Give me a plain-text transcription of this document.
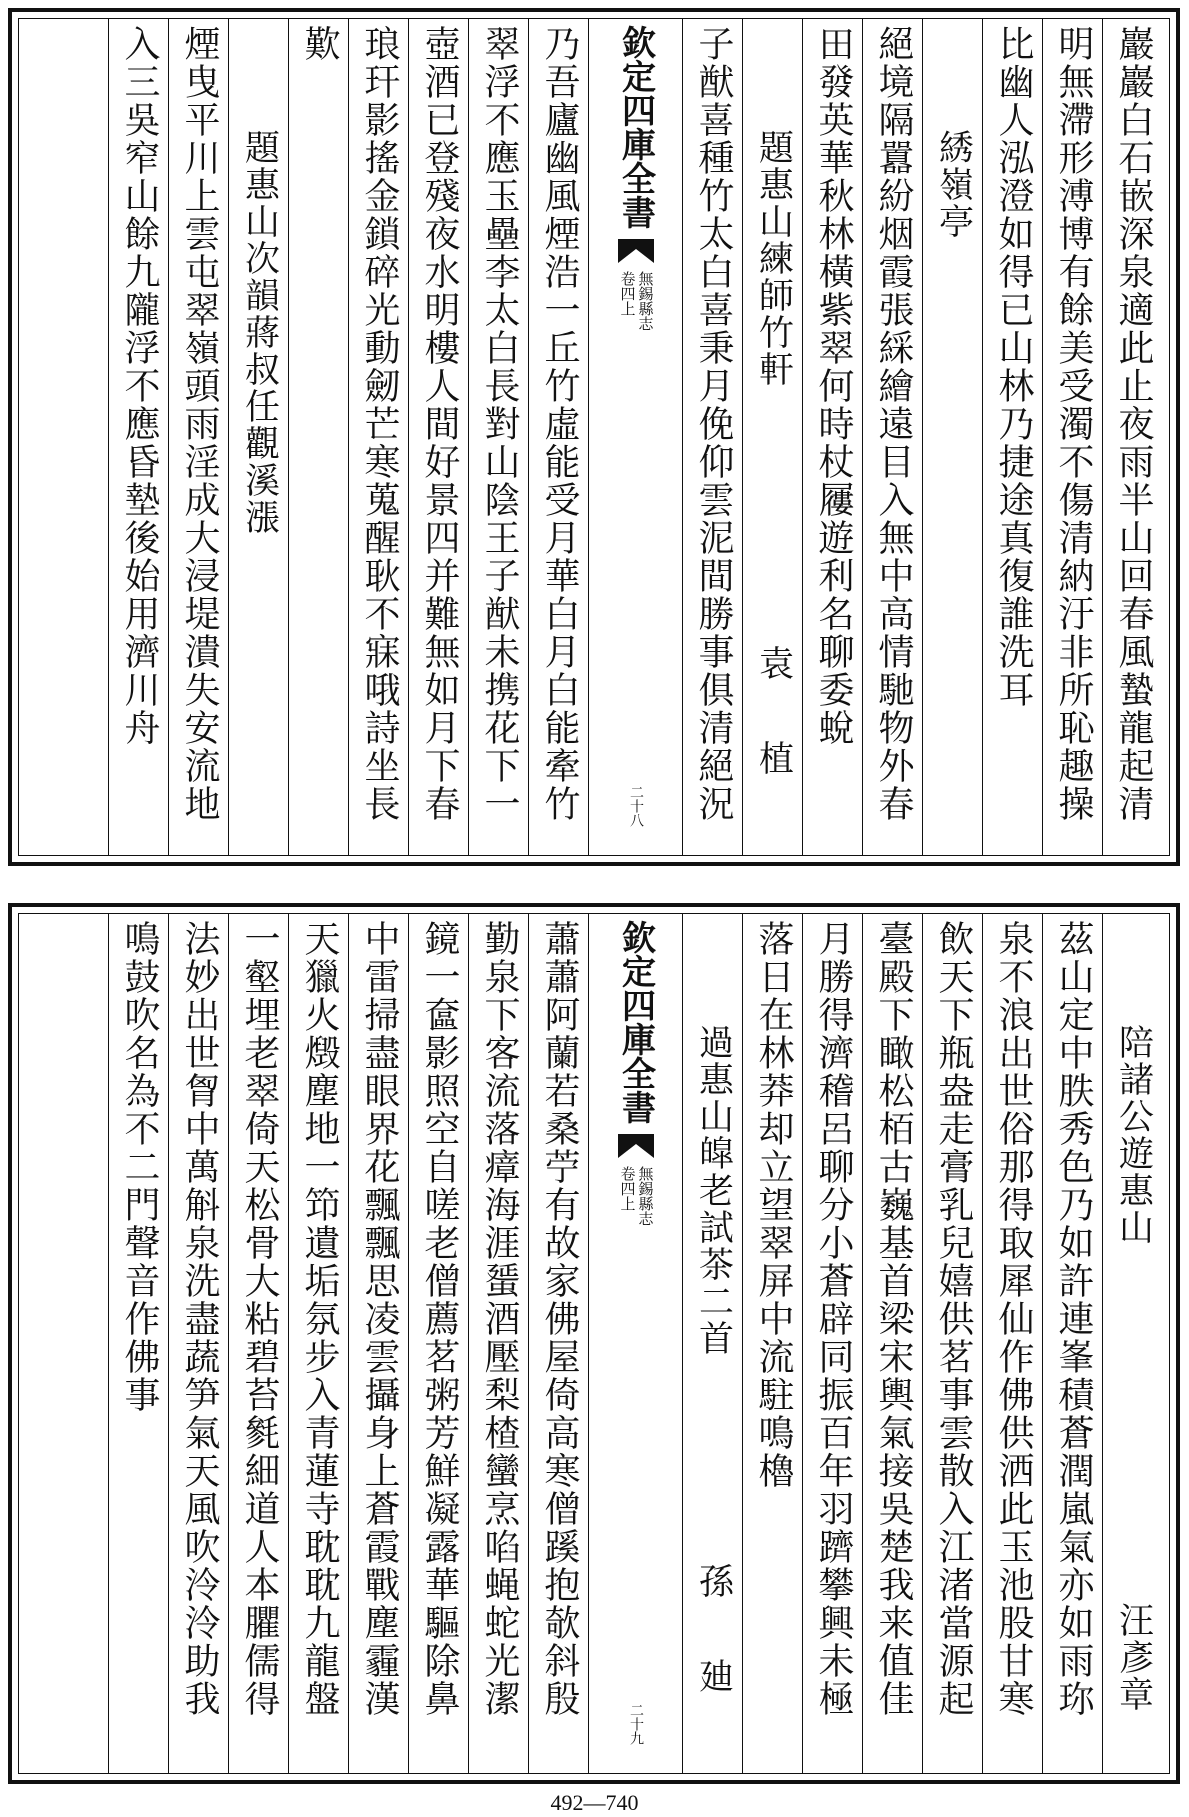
巖巖白石嵌深泉適此止夜雨半山回春風蟄龍起清
明無滯形溥博有餘美受濁不傷清納汙非所恥趣操
比幽人泓澄如得已山林乃捷途真復誰洗耳
綉嶺亭
絕境隔囂紛烟霞張綵繪遠目入無中高情馳物外春
田發英華秋林橫紫翠何時杖屨遊利名聊委蛻
題惠山練師竹軒
袁 植
子猷喜種竹太白喜秉月俛仰雲泥間勝事俱清絕況
欽定四庫全書
無錫縣志
卷四上
二十八
乃吾廬幽風煙浩一丘竹虛能受月華白月白能牽竹
翠浮不應玉壘李太白長對山陰王子猷未携花下一
壺酒已登殘夜水明樓人間好景四并難無如月下春
琅玕影搖金鎖碎光動劒芒寒蒐醒耿不寐哦詩坐長
歎
題惠山次韻蔣叔任觀溪漲
煙曳平川上雲屯翠嶺頭雨淫成大浸堤潰失安流地
入三吳窄山餘九隴浮不應昏墊後始用濟川舟
陪諸公遊惠山
汪彥章
茲山定中胅秀色乃如許連峯積蒼潤嵐氣亦如雨珎
泉不浪出世俗那得取犀仙作佛供洒此玉池股甘寒
飲天下瓶盎走膏乳兒嬉供茗事雲散入江渚當源起
臺殿下瞰松栢古巍基首梁宋輿氣接吳楚我来值佳
月勝得濟稽呂聊分小蒼辟同振百年羽躋攀興未極
落日在林莽却立望翠屏中流駐鳴櫓
過惠山皡老試茶二首
孫 廸
欽定四庫全書
無錫縣志
卷四上
二十九
蕭蕭阿蘭若桑苧有故家佛屋倚高寒僧蹊抱欹斜殷
勤泉下客流落瘴海涯蜑酒壓梨楂蠻烹啗蝇蛇光潔
鏡一奩影照空自嗟老僧薦茗粥芳鮮凝露華驅除鼻
中雷掃盡眼界花飄飄思凌雲攝身上蒼霞戰塵霾漢
天獵火燬塵地一笻遺垢氛步入青蓮寺耽耽九龍盤
一壑埋老翠倚天松骨大粘碧苔毿細道人本臞儒得
法妙出世胷中萬斛泉洗盡蔬笋氣天風吹泠泠助我
鳴鼓吹名為不二門聲音作佛事
492—740
